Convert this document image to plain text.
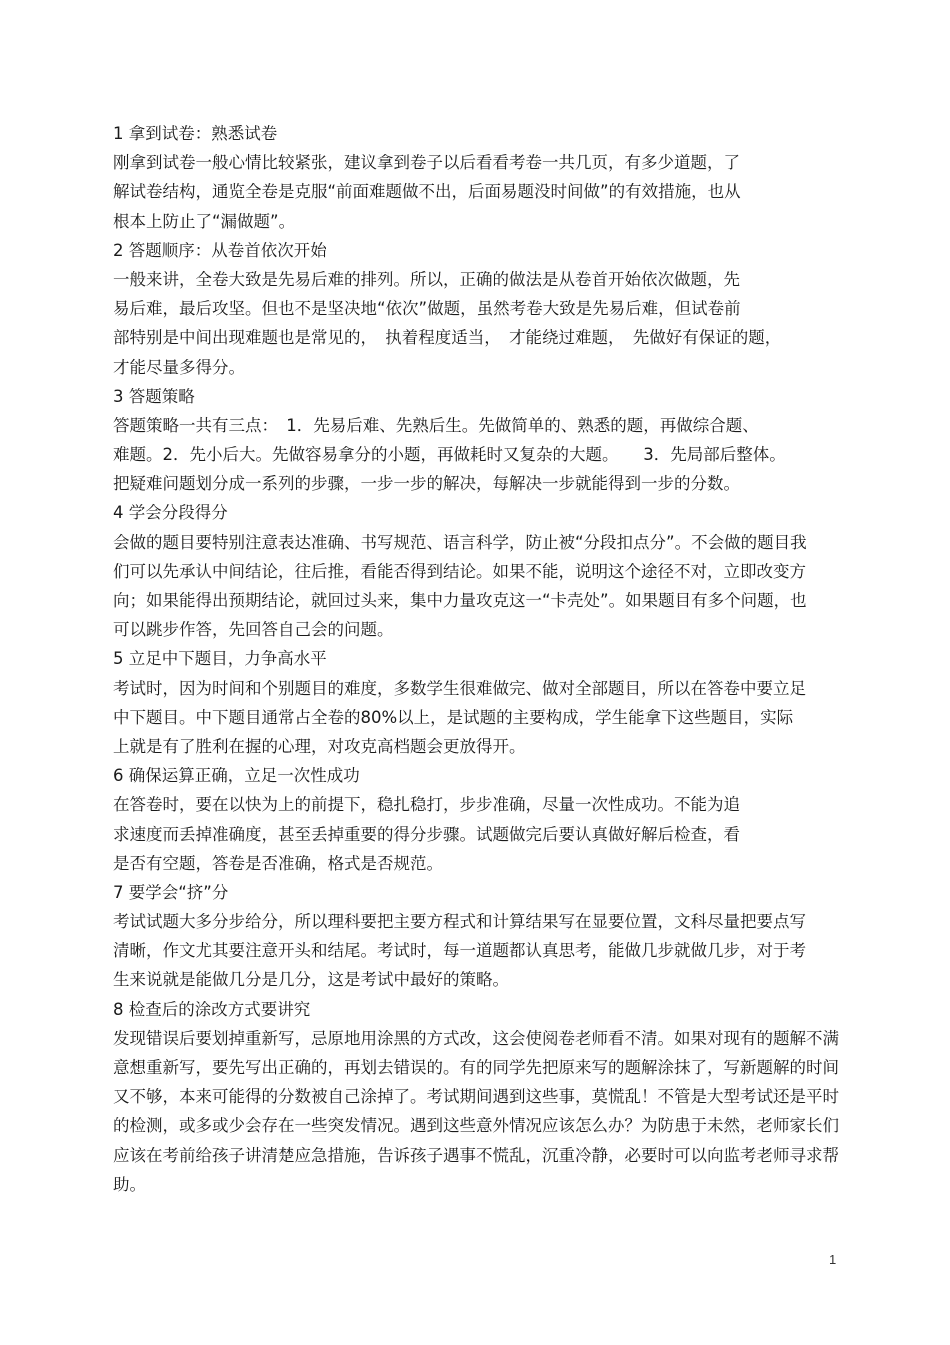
1 拿到试卷：熟悉试卷
刚拿到试卷一般心情比较紧张，建议拿到卷子以后看看考卷一共几页，有多少道题，了
解试卷结构，通览全卷是克服“前面难题做不出，后面易题没时间做”的有效措施，也从
根本上防止了“漏做题”。
2 答题顺序：从卷首依次开始
一般来讲，全卷大致是先易后难的排列。所以，正确的做法是从卷首开始依次做题，先
易后难，最后攻坚。但也不是坚决地“依次”做题，虽然考卷大致是先易后难，但试卷前
部特别是中间出现难题也是常见的，　执着程度适当，　才能绕过难题，　先做好有保证的题，
才能尽量多得分。
3 答题策略
答题策略一共有三点：　1．先易后难、先熟后生。先做简单的、熟悉的题，再做综合题、
难题。2．先小后大。先做容易拿分的小题，再做耗时又复杂的大题。　　3．先局部后整体。
把疑难问题划分成一系列的步骤，一步一步的解决，每解决一步就能得到一步的分数。
4 学会分段得分
会做的题目要特别注意表达准确、书写规范、语言科学，防止被“分段扣点分”。不会做的题目我
们可以先承认中间结论，往后推，看能否得到结论。如果不能，说明这个途径不对，立即改变方
向；如果能得出预期结论，就回过头来，集中力量攻克这一“卡壳处”。如果题目有多个问题，也
可以跳步作答，先回答自己会的问题。
5 立足中下题目，力争高水平
考试时，因为时间和个别题目的难度，多数学生很难做完、做对全部题目，所以在答卷中要立足
中下题目。中下题目通常占全卷的80%以上，是试题的主要构成，学生能拿下这些题目，实际
上就是有了胜利在握的心理，对攻克高档题会更放得开。
6 确保运算正确，立足一次性成功
在答卷时，要在以快为上的前提下，稳扎稳打，步步准确，尽量一次性成功。不能为追
求速度而丢掉准确度，甚至丢掉重要的得分步骤。试题做完后要认真做好解后检查，看
是否有空题，答卷是否准确，格式是否规范。
7 要学会“挤”分
考试试题大多分步给分，所以理科要把主要方程式和计算结果写在显要位置，文科尽量把要点写
清晰，作文尤其要注意开头和结尾。考试时，每一道题都认真思考，能做几步就做几步，对于考
生来说就是能做几分是几分，这是考试中最好的策略。
8 检查后的涂改方式要讲究
发现错误后要划掉重新写，忌原地用涂黑的方式改，这会使阅卷老师看不清。如果对现有的题解不满
意想重新写，要先写出正确的，再划去错误的。有的同学先把原来写的题解涂抹了，写新题解的时间
又不够，本来可能得的分数被自己涂掉了。考试期间遇到这些事，莫慌乱！不管是大型考试还是平时
的检测，或多或少会存在一些突发情况。遇到这些意外情况应该怎么办？为防患于未然，老师家长们
应该在考前给孩子讲清楚应急措施，告诉孩子遇事不慌乱，沉重冷静，必要时可以向监考老师寻求帮
助。
1
